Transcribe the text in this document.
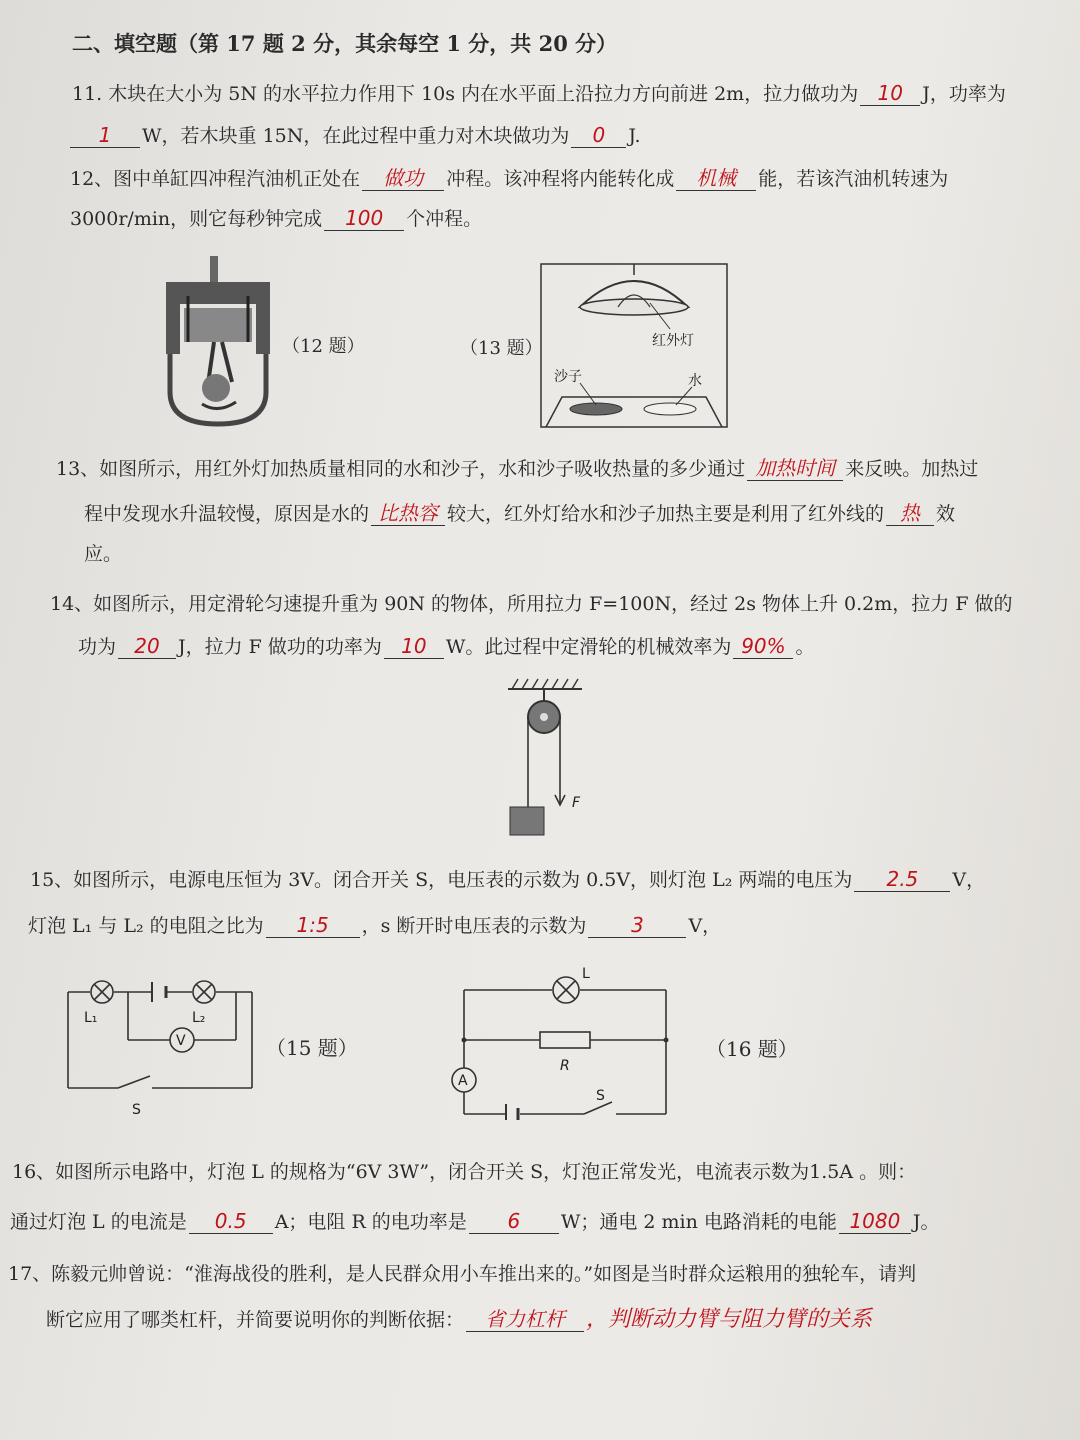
二、填空题（第 17 题 2 分，其余每空 1 分，共 20 分）
11. 木块在大小为 5N 的水平拉力作用下 10s 内在水平面上沿拉力方向前进 2m，拉力做功为 10 J，功率为
1 W，若木块重 15N，在此过程中重力对木块做功为 0 J.
12、图中单缸四冲程汽油机正处在 做功 冲程。该冲程将内能转化成 机械 能，若该汽油机转速为
3000r/min，则它每秒钟完成 100 个冲程。
（12 题）	（13 题）	红外灯
沙子	水
13、如图所示，用红外灯加热质量相同的水和沙子，水和沙子吸收热量的多少通过 加热时间 来反映。加热过
程中发现水升温较慢，原因是水的 比热容 较大，红外灯给水和沙子加热主要是利用了红外线的 热 效
应。
14、如图所示，用定滑轮匀速提升重为 90N 的物体，所用拉力 F=100N，经过 2s 物体上升 0.2m，拉力 F 做的
功为 20 J，拉力 F 做功的功率为 10 W。此过程中定滑轮的机械效率为 90% 。
F
15、如图所示，电源电压恒为 3V。闭合开关 S，电压表的示数为 0.5V，则灯泡 L₂ 两端的电压为 2.5 V，
灯泡 L₁ 与 L₂ 的电阻之比为 1:5 ，s 断开时电压表的示数为 3 V，
L₁	L₂
V
S
（15 题）
L
R
A
S
（16 题）
16、如图所示电路中，灯泡 L 的规格为“6V 3W”，闭合开关 S，灯泡正常发光，电流表示数为1.5A 。则：
通过灯泡 L 的电流是 0.5 A；电阻 R 的电功率是 6 W；通电 2 min 电路消耗的电能 1080 J。
17、陈毅元帅曾说：“淮海战役的胜利，是人民群众用小车推出来的。”如图是当时群众运粮用的独轮车，请判
断它应用了哪类杠杆，并简要说明你的判断依据： 省力杠杆 ，判断动力臂与阻力臂的关系
